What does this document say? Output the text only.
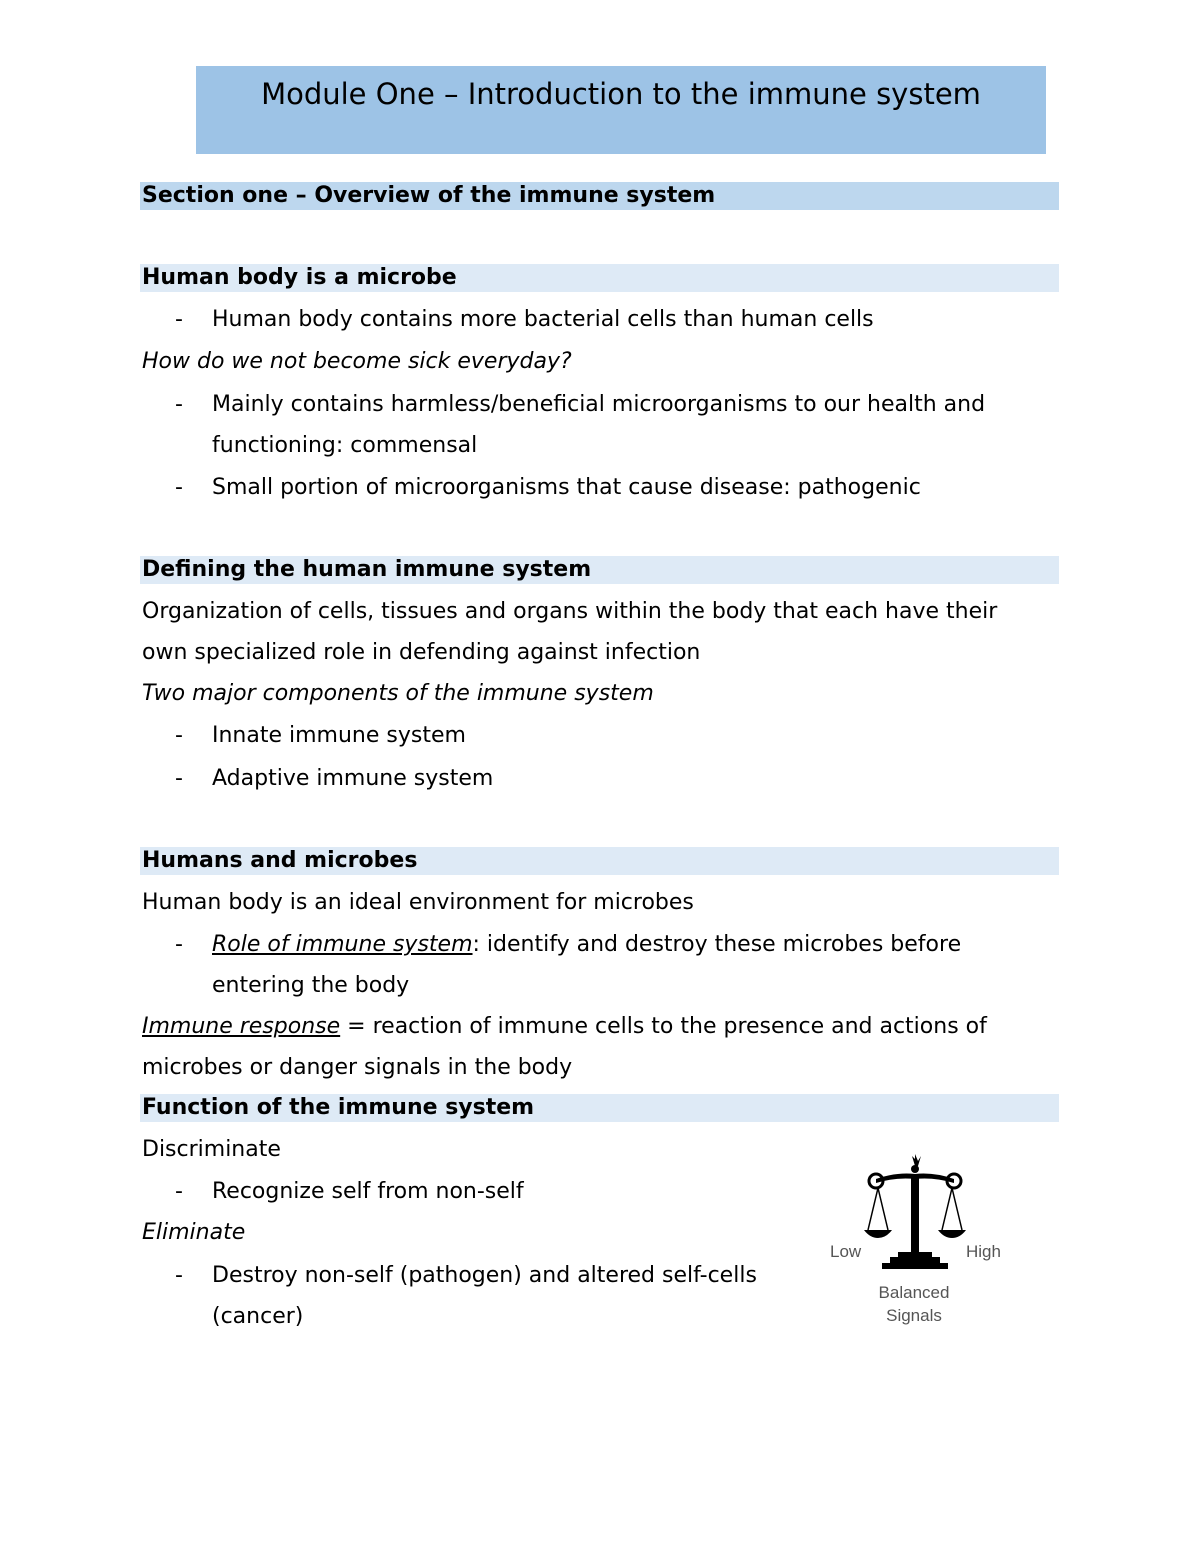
Module One – Introduction to the immune system
Section one – Overview of the immune system
Human body is a microbe
- Human body contains more bacterial cells than human cells
How do we not become sick everyday?
- Mainly contains harmless/beneficial microorganisms to our health and
functioning: commensal
- Small portion of microorganisms that cause disease: pathogenic
Defining the human immune system
Organization of cells, tissues and organs within the body that each have their
own specialized role in defending against infection
Two major components of the immune system
- Innate immune system
- Adaptive immune system
Humans and microbes
Human body is an ideal environment for microbes
- Role of immune system: identify and destroy these microbes before
entering the body
Immune response = reaction of immune cells to the presence and actions of
microbes or danger signals in the body
Function of the immune system
Discriminate
- Recognize self from non-self
Eliminate
- Destroy non-self (pathogen) and altered self-cells
(cancer)
Low	High
Balanced
Signals
